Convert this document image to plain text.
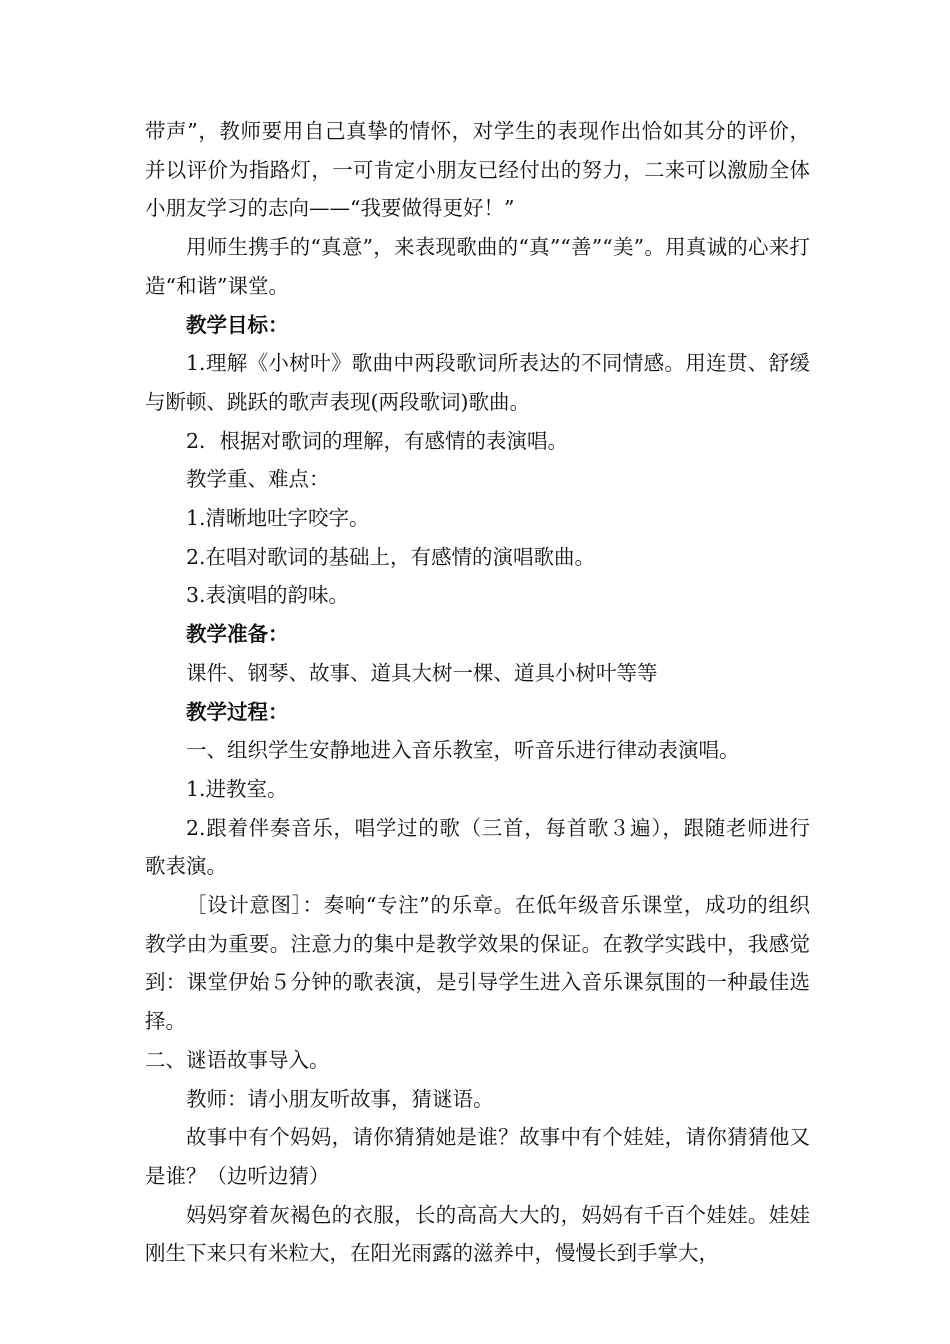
带声”，教师要用自己真挚的情怀，对学生的表现作出恰如其分的评价，并以评价为指路灯，一可肯定小朋友已经付出的努力，二来可以激励全体小朋友学习的志向——“我要做得更好！”

用师生携手的“真意”，来表现歌曲的“真”“善”“美”。用真诚的心来打造“和谐”课堂。

教学目标：

1.理解《小树叶》歌曲中两段歌词所表达的不同情感。用连贯、舒缓与断顿、跳跃的歌声表现(两段歌词)歌曲。

2．根据对歌词的理解，有感情的表演唱。

教学重、难点：

1.清晰地吐字咬字。

2.在唱对歌词的基础上，有感情的演唱歌曲。

3.表演唱的韵味。

教学准备：

课件、钢琴、故事、道具大树一棵、道具小树叶等等

教学过程：

一、组织学生安静地进入音乐教室，听音乐进行律动表演唱。

1.进教室。

2.跟着伴奏音乐，唱学过的歌（三首，每首歌３遍），跟随老师进行歌表演。

［设计意图］：奏响“专注”的乐章。在低年级音乐课堂，成功的组织教学由为重要。注意力的集中是教学效果的保证。在教学实践中，我感觉到：课堂伊始５分钟的歌表演，是引导学生进入音乐课氛围的一种最佳选择。

二、谜语故事导入。

教师：请小朋友听故事，猜谜语。

故事中有个妈妈，请你猜猜她是谁？故事中有个娃娃，请你猜猜他又是谁？（边听边猜）

妈妈穿着灰褐色的衣服，长的高高大大的，妈妈有千百个娃娃。娃娃刚生下来只有米粒大，在阳光雨露的滋养中，慢慢长到手掌大，
